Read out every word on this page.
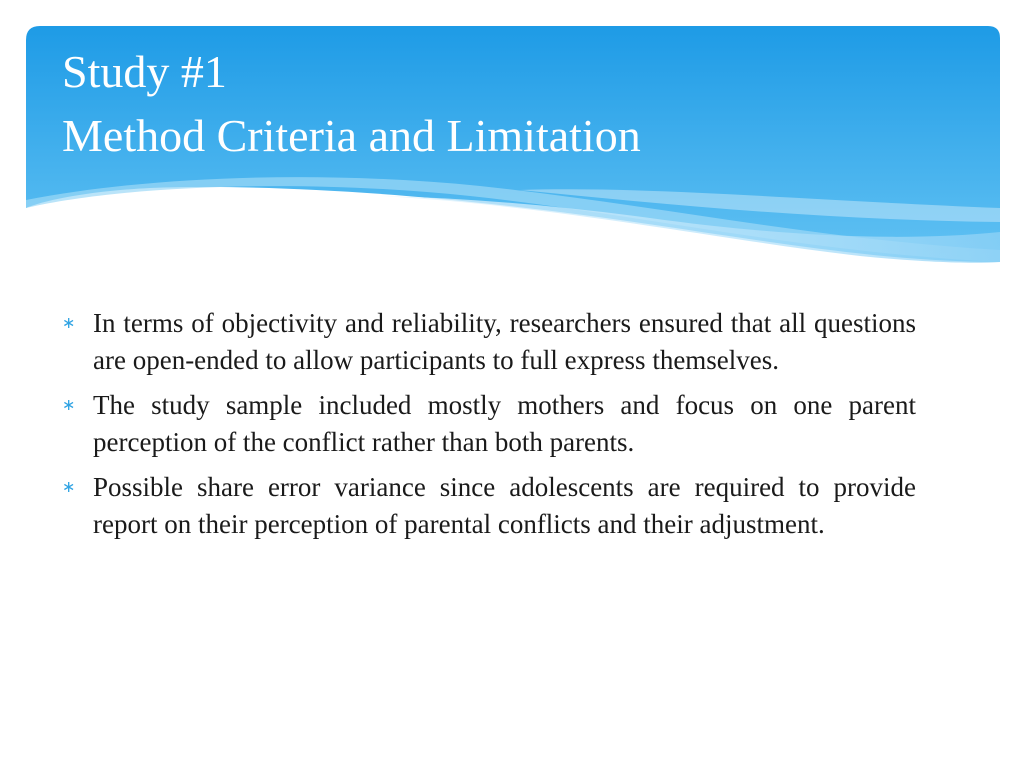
Study #1
Method Criteria and Limitation
∗ In terms of objectivity and reliability, researchers ensured that all questions are open-ended to allow participants to full express themselves.
∗ The study sample included mostly mothers and focus on one parent perception of the conflict rather than both parents.
∗ Possible share error variance since adolescents are required to provide report on their perception of parental conflicts and their adjustment.
